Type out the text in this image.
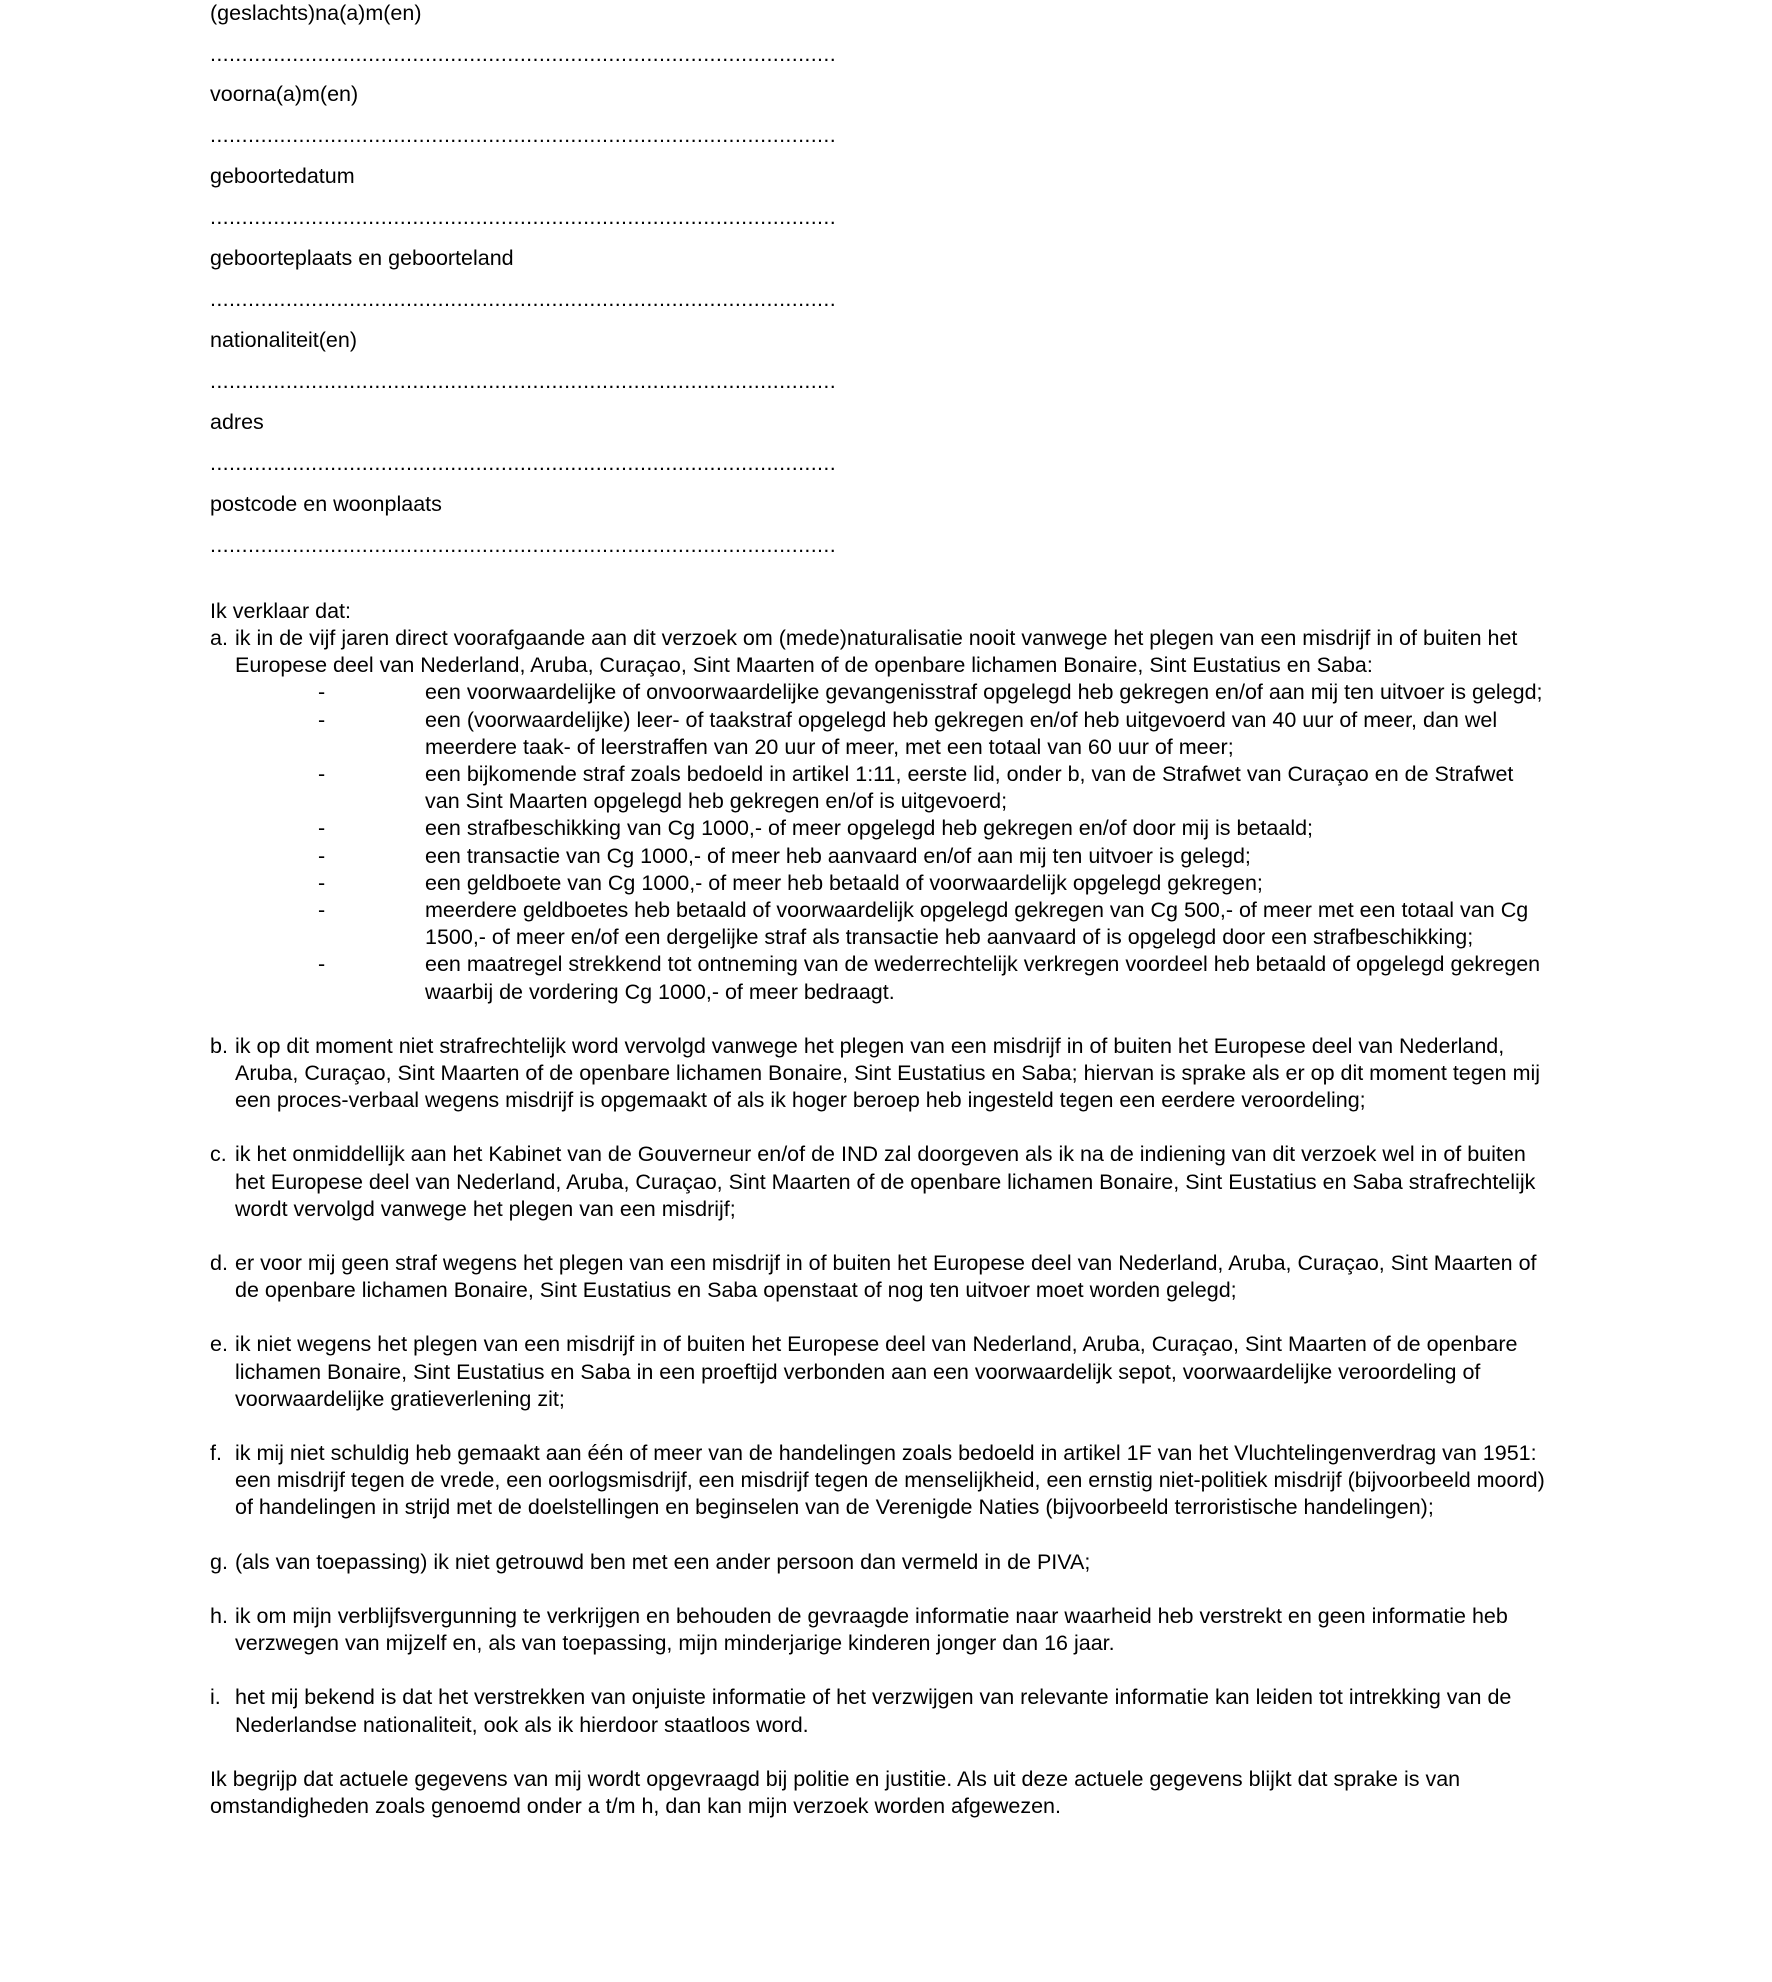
(geslachts)na(a)m(en)
...................................................................................................
voorna(a)m(en)
...................................................................................................
geboortedatum
...................................................................................................
geboorteplaats en geboorteland
...................................................................................................
nationaliteit(en)
...................................................................................................
adres
...................................................................................................
postcode en woonplaats
...................................................................................................
Ik verklaar dat:
a. ik in de vijf jaren direct voorafgaande aan dit verzoek om (mede)naturalisatie nooit vanwege het plegen van een misdrijf in of buiten het Europese deel van Nederland, Aruba, Curaçao, Sint Maarten of de openbare lichamen Bonaire, Sint Eustatius en Saba:
-	een voorwaardelijke of onvoorwaardelijke gevangenisstraf opgelegd heb gekregen en/of aan mij ten uitvoer is gelegd;
-	een (voorwaardelijke) leer- of taakstraf opgelegd heb gekregen en/of heb uitgevoerd van 40 uur of meer, dan wel meerdere taak- of leerstraffen van 20 uur of meer, met een totaal van 60 uur of meer;
-	een bijkomende straf zoals bedoeld in artikel 1:11, eerste lid, onder b, van de Strafwet van Curaçao en de Strafwet van Sint Maarten opgelegd heb gekregen en/of is uitgevoerd;
-	een strafbeschikking van Cg 1000,- of meer opgelegd heb gekregen en/of door mij is betaald;
-	een transactie van Cg 1000,- of meer heb aanvaard en/of aan mij ten uitvoer is gelegd;
-	een geldboete van Cg 1000,- of meer heb betaald of voorwaardelijk opgelegd gekregen;
-	meerdere geldboetes heb betaald of voorwaardelijk opgelegd gekregen van Cg 500,- of meer met een totaal van Cg 1500,- of meer en/of een dergelijke straf als transactie heb aanvaard of is opgelegd door een strafbeschikking;
-	een maatregel strekkend tot ontneming van de wederrechtelijk verkregen voordeel heb betaald of opgelegd gekregen waarbij de vordering Cg 1000,- of meer bedraagt.
b. ik op dit moment niet strafrechtelijk word vervolgd vanwege het plegen van een misdrijf in of buiten het Europese deel van Nederland, Aruba, Curaçao, Sint Maarten of de openbare lichamen Bonaire, Sint Eustatius en Saba; hiervan is sprake als er op dit moment tegen mij een proces-verbaal wegens misdrijf is opgemaakt of als ik hoger beroep heb ingesteld tegen een eerdere veroordeling;
c. ik het onmiddellijk aan het Kabinet van de Gouverneur en/of de IND zal doorgeven als ik na de indiening van dit verzoek wel in of buiten het Europese deel van Nederland, Aruba, Curaçao, Sint Maarten of de openbare lichamen Bonaire, Sint Eustatius en Saba strafrechtelijk wordt vervolgd vanwege het plegen van een misdrijf;
d. er voor mij geen straf wegens het plegen van een misdrijf in of buiten het Europese deel van Nederland, Aruba, Curaçao, Sint Maarten of de openbare lichamen Bonaire, Sint Eustatius en Saba openstaat of nog ten uitvoer moet worden gelegd;
e. ik niet wegens het plegen van een misdrijf in of buiten het Europese deel van Nederland, Aruba, Curaçao, Sint Maarten of de openbare lichamen Bonaire, Sint Eustatius en Saba in een proeftijd verbonden aan een voorwaardelijk sepot, voorwaardelijke veroordeling of voorwaardelijke gratieverlening zit;
f. ik mij niet schuldig heb gemaakt aan één of meer van de handelingen zoals bedoeld in artikel 1F van het Vluchtelingenverdrag van 1951: een misdrijf tegen de vrede, een oorlogsmisdrijf, een misdrijf tegen de menselijkheid, een ernstig niet-politiek misdrijf (bijvoorbeeld moord) of handelingen in strijd met de doelstellingen en beginselen van de Verenigde Naties (bijvoorbeeld terroristische handelingen);
g. (als van toepassing) ik niet getrouwd ben met een ander persoon dan vermeld in de PIVA;
h. ik om mijn verblijfsvergunning te verkrijgen en behouden de gevraagde informatie naar waarheid heb verstrekt en geen informatie heb verzwegen van mijzelf en, als van toepassing, mijn minderjarige kinderen jonger dan 16 jaar.
i. het mij bekend is dat het verstrekken van onjuiste informatie of het verzwijgen van relevante informatie kan leiden tot intrekking van de Nederlandse nationaliteit, ook als ik hierdoor staatloos word.
Ik begrijp dat actuele gegevens van mij wordt opgevraagd bij politie en justitie. Als uit deze actuele gegevens blijkt dat sprake is van omstandigheden zoals genoemd onder a t/m h, dan kan mijn verzoek worden afgewezen.
